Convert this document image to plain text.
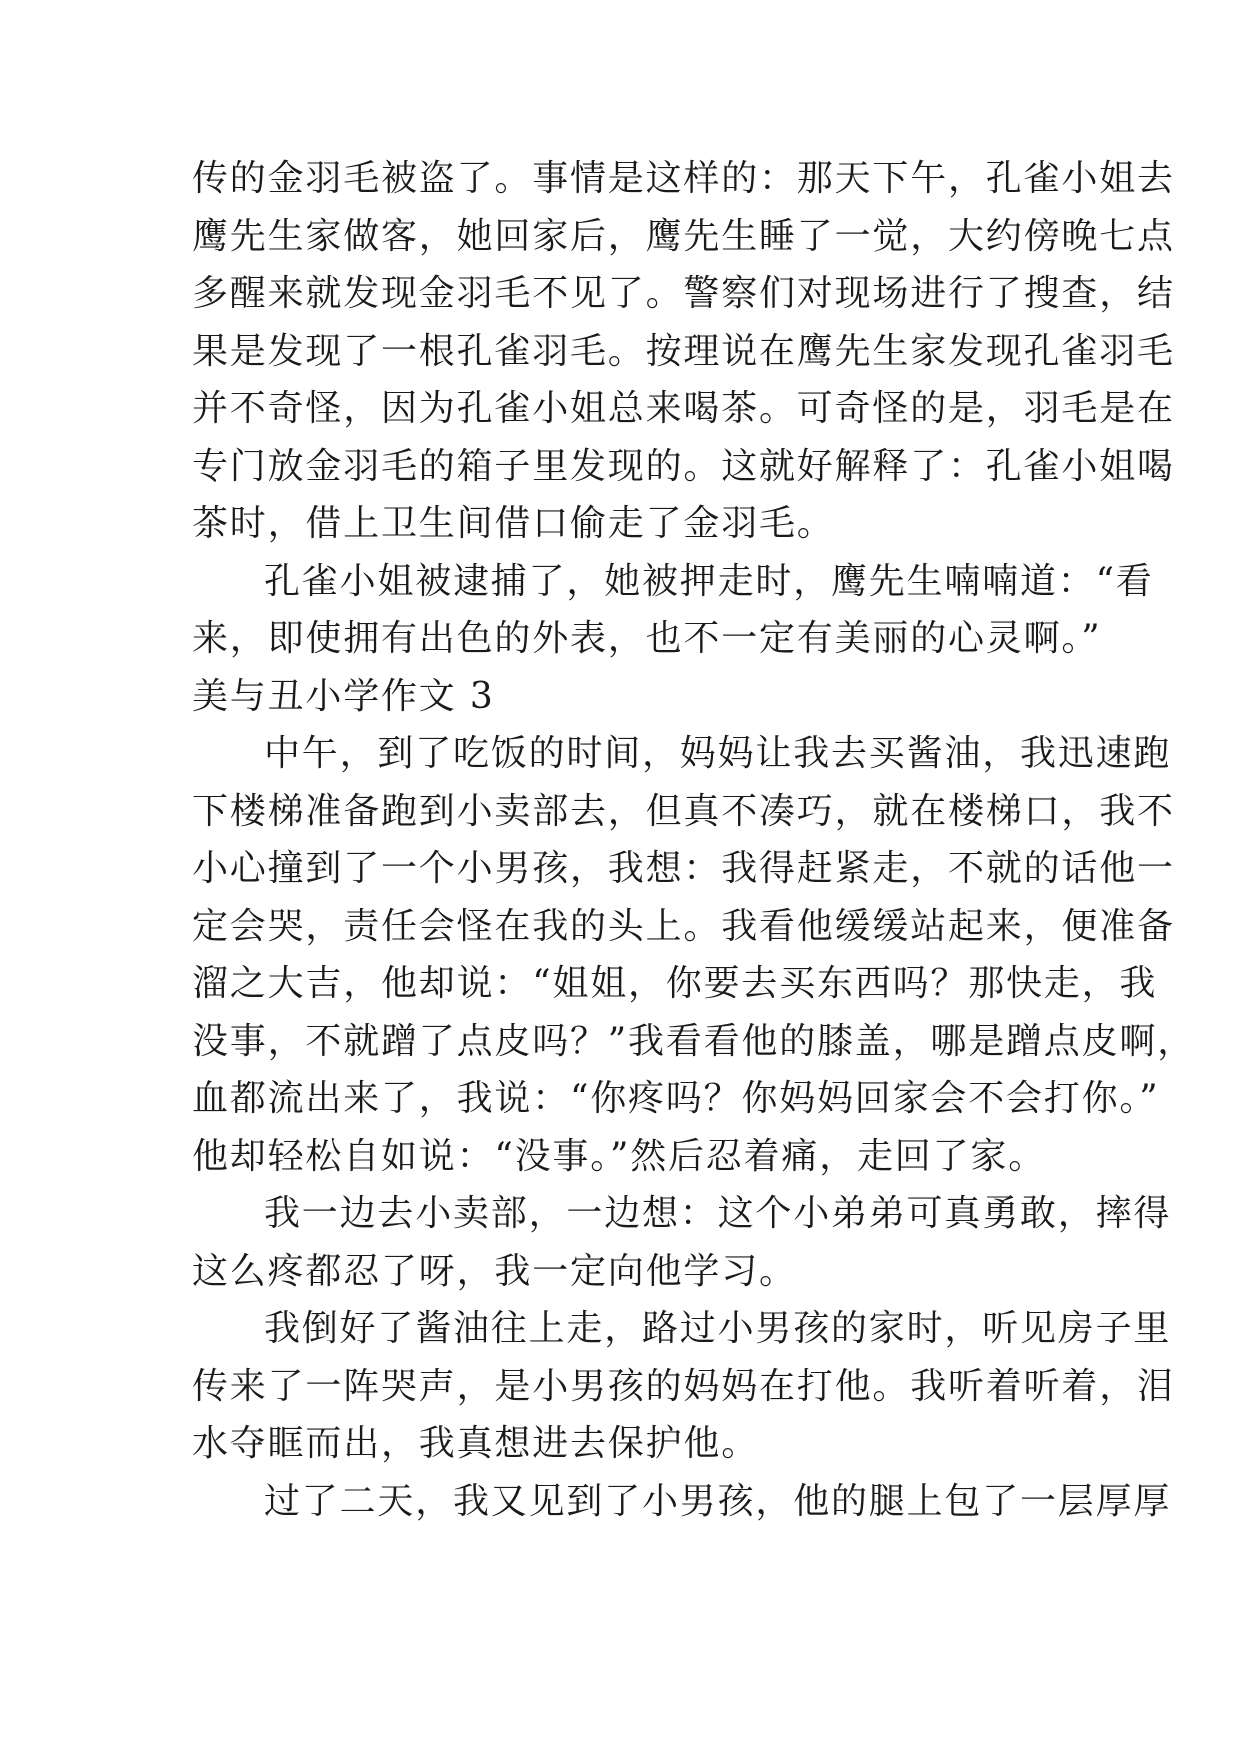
传的金羽毛被盗了。事情是这样的：那天下午，孔雀小姐去
鹰先生家做客，她回家后，鹰先生睡了一觉，大约傍晚七点
多醒来就发现金羽毛不见了。警察们对现场进行了搜查，结
果是发现了一根孔雀羽毛。按理说在鹰先生家发现孔雀羽毛
并不奇怪，因为孔雀小姐总来喝茶。可奇怪的是，羽毛是在
专门放金羽毛的箱子里发现的。这就好解释了：孔雀小姐喝
茶时，借上卫生间借口偷走了金羽毛。
孔雀小姐被逮捕了，她被押走时，鹰先生喃喃道：“看
来，即使拥有出色的外表，也不一定有美丽的心灵啊。”
美与丑小学作文 3
中午，到了吃饭的时间，妈妈让我去买酱油，我迅速跑
下楼梯准备跑到小卖部去，但真不凑巧，就在楼梯口，我不
小心撞到了一个小男孩，我想：我得赶紧走，不就的话他一
定会哭，责任会怪在我的头上。我看他缓缓站起来，便准备
溜之大吉，他却说：“姐姐，你要去买东西吗？那快走，我
没事，不就蹭了点皮吗？”我看看他的膝盖，哪是蹭点皮啊，
血都流出来了，我说：“你疼吗？你妈妈回家会不会打你。”
他却轻松自如说：“没事。”然后忍着痛，走回了家。
我一边去小卖部，一边想：这个小弟弟可真勇敢，摔得
这么疼都忍了呀，我一定向他学习。
我倒好了酱油往上走，路过小男孩的家时，听见房子里
传来了一阵哭声，是小男孩的妈妈在打他。我听着听着，泪
水夺眶而出，我真想进去保护他。
过了二天，我又见到了小男孩，他的腿上包了一层厚厚
